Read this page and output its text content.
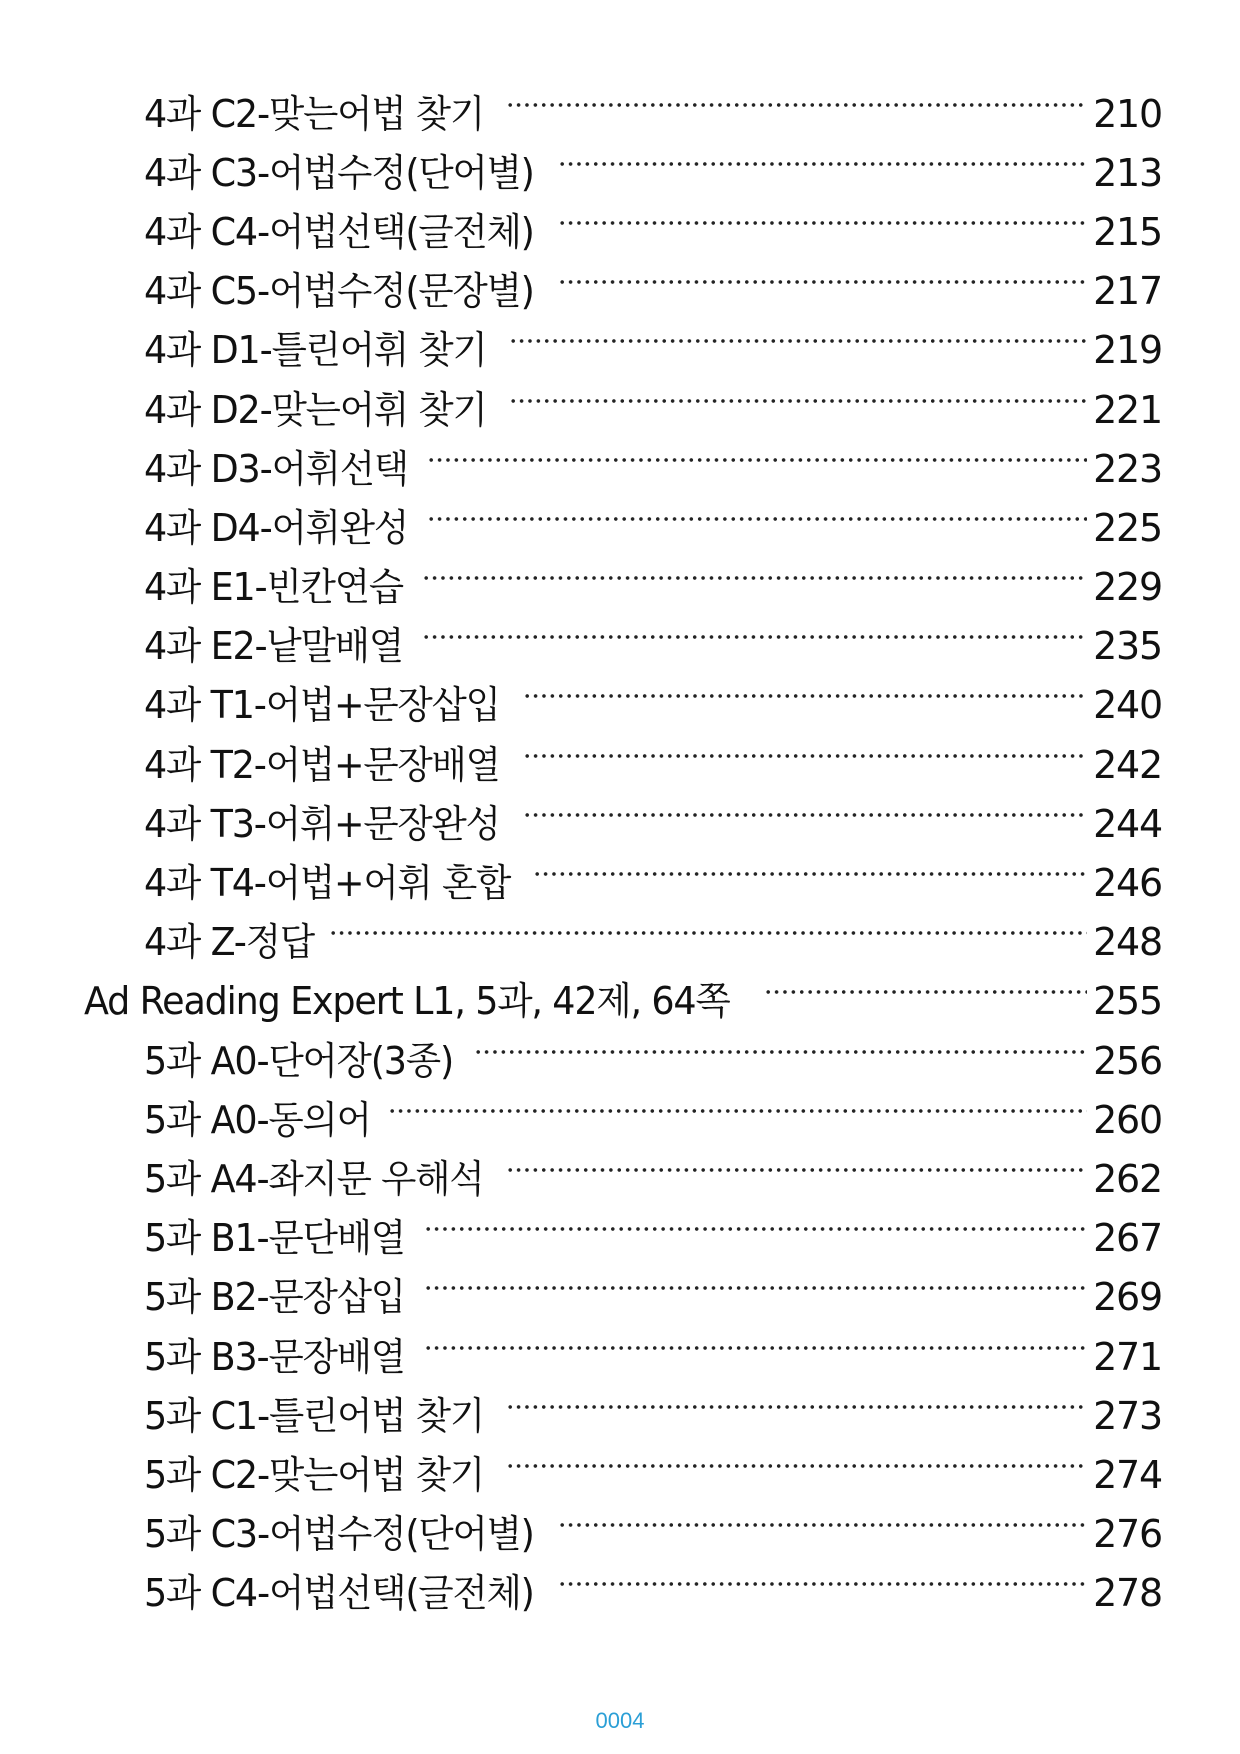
4과 C2-맞는어법 찾기	210
4과 C3-어법수정(단어별)	213
4과 C4-어법선택(글전체)	215
4과 C5-어법수정(문장별)	217
4과 D1-틀린어휘 찾기	219
4과 D2-맞는어휘 찾기	221
4과 D3-어휘선택	223
4과 D4-어휘완성	225
4과 E1-빈칸연습	229
4과 E2-낱말배열	235
4과 T1-어법+문장삽입	240
4과 T2-어법+문장배열	242
4과 T3-어휘+문장완성	244
4과 T4-어법+어휘 혼합	246
4과 Z-정답	248
Ad Reading Expert L1, 5과, 42제, 64쪽	255
5과 A0-단어장(3종)	256
5과 A0-동의어	260
5과 A4-좌지문 우해석	262
5과 B1-문단배열	267
5과 B2-문장삽입	269
5과 B3-문장배열	271
5과 C1-틀린어법 찾기	273
5과 C2-맞는어법 찾기	274
5과 C3-어법수정(단어별)	276
5과 C4-어법선택(글전체)	278
0004
